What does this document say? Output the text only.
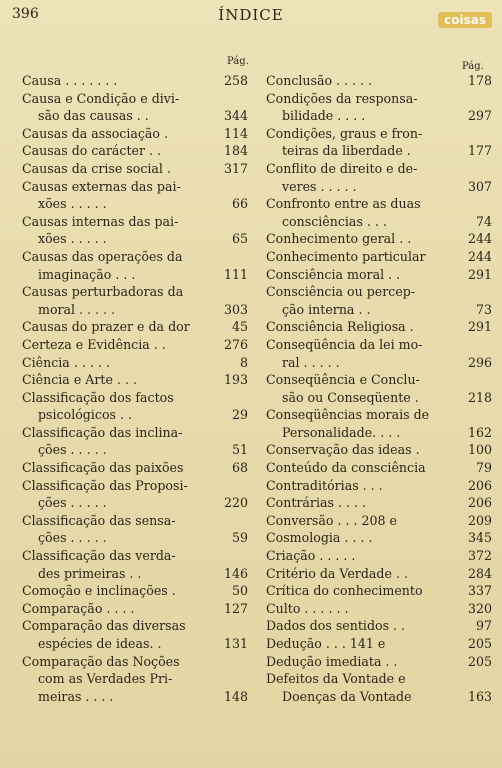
396	ÍNDICE	coisas
Pág.	Pág.
Causa . . . . . . .	258
Causa e Condição e divi-
são das causas . .	344
Causas da associação .	114
Causas do carácter . .	184
Causas da crise social .	317
Causas externas das pai-
xões . . . . .	66
Causas internas das pai-
xões . . . . .	65
Causas das operações da
imaginação . . .	111
Causas perturbadoras da
moral . . . . .	303
Causas do prazer e da dor	45
Certeza e Evidência . .	276
Ciência . . . . .	8
Ciência e Arte . . .	193
Classificação dos factos
psicológicos . .	29
Classificação das inclina-
ções . . . . .	51
Classificação das paixões	68
Classificação das Proposi-
ções . . . . .	220
Classificação das sensa-
ções . . . . .	59
Classificação das verda-
des primeiras . .	146
Comoção e inclinações .	50
Comparação . . . .	127
Comparação das diversas
espécies de ideas. .	131
Comparação das Noções
com as Verdades Pri-
meiras . . . .	148
Conclusão . . . . .	178
Condições da responsa-
bilidade . . . .	297
Condições, graus e fron-
teiras da liberdade .	177
Conflito de direito e de-
veres . . . . .	307
Confronto entre as duas
consciências . . .	74
Conhecimento geral . .	244
Conhecimento particular	244
Consciência moral . .	291
Consciência ou percep-
ção interna . .	73
Consciência Religiosa .	291
Conseqüência da lei mo-
ral . . . . .	296
Conseqüência e Conclu-
são ou Conseqüente .	218
Conseqüências morais de
Personalidade. . . .	162
Conservação das ideas .	100
Conteúdo da consciência	79
Contraditórias . . .	206
Contrárias . . . .	206
Conversão . . . 208 e	209
Cosmologia . . . .	345
Criação . . . . .	372
Critério da Verdade . .	284
Crítica do conhecimento	337
Culto . . . . . .	320
Dados dos sentidos . .	97
Dedução . . . 141 e	205
Dedução imediata . .	205
Defeitos da Vontade e
Doenças da Vontade	163
